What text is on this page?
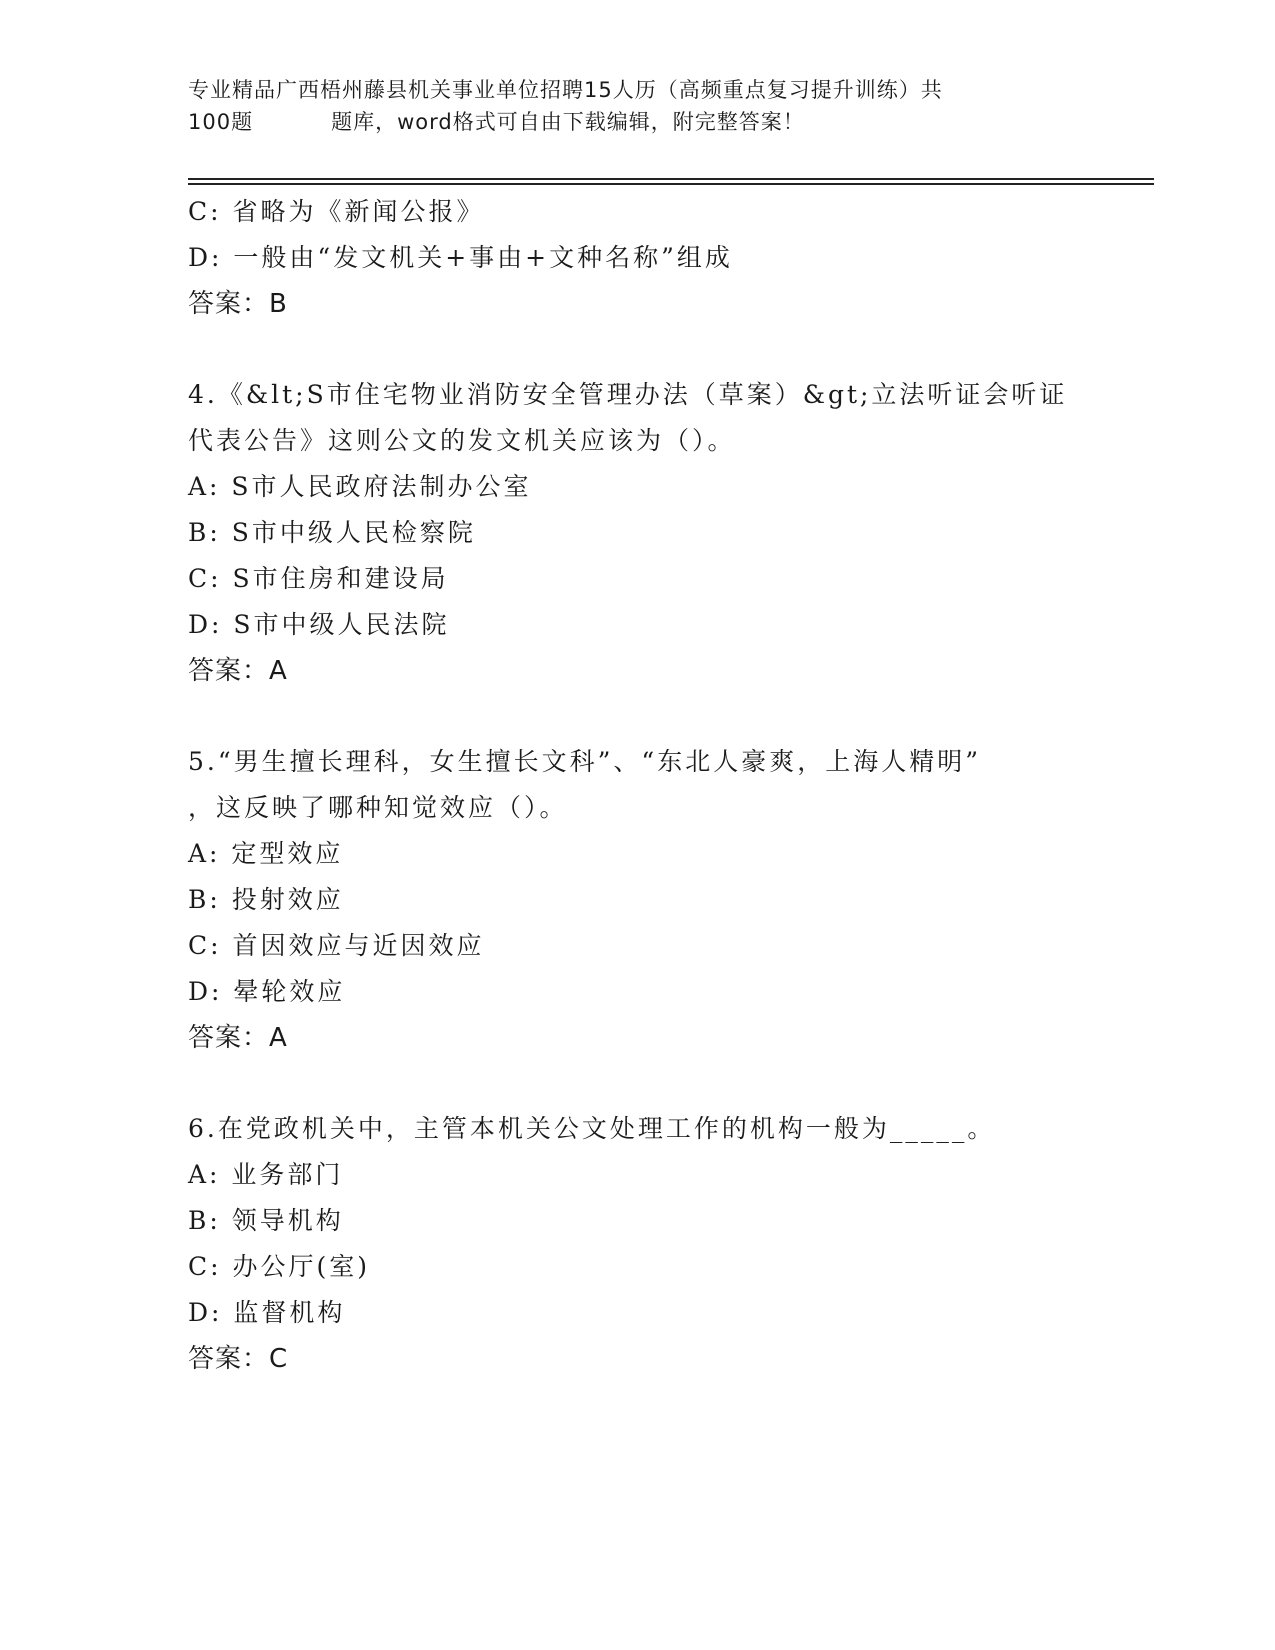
专业精品广西梧州藤县机关事业单位招聘15人历（高频重点复习提升训练）共
100题	题库，word格式可自由下载编辑，附完整答案！
C: 省略为《新闻公报》
D: 一般由“发文机关+事由+文种名称”组成
答案：B
4.《&lt;S市住宅物业消防安全管理办法（草案）&gt;立法听证会听证
代表公告》这则公文的发文机关应该为（）。
A: S市人民政府法制办公室
B: S市中级人民检察院
C: S市住房和建设局
D: S市中级人民法院
答案：A
5.“男生擅长理科，女生擅长文科”、“东北人豪爽，上海人精明”
，这反映了哪种知觉效应（）。
A: 定型效应
B: 投射效应
C: 首因效应与近因效应
D: 晕轮效应
答案：A
6.在党政机关中，主管本机关公文处理工作的机构一般为_____。
A: 业务部门
B: 领导机构
C: 办公厅(室)
D: 监督机构
答案：C
